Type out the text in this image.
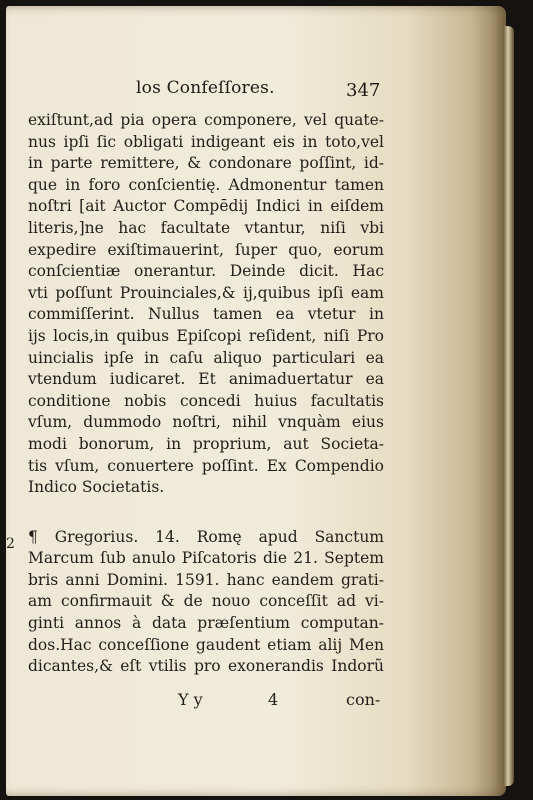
los Confeſſores.	347
2
exiſtunt,ad pia opera componere, vel quate-
nus ipſi ſic obligati indigeant eis in toto,vel
in parte remittere, & condonare poſſint, id-
que in foro conſcientię. Admonentur tamen
noſtri [ait Auctor Compēdij Indici in eiſdem
literis,]ne hac facultate vtantur, niſi vbi
expedire exiſtimauerint, ſuper quo, eorum
conſcientiæ onerantur. Deinde dicit. Hac
vti poſſunt Prouinciales,& ij,quibus ipſi eam
commiſſerint. Nullus tamen ea vtetur in
ijs locis,in quibus Epiſcopi reſident, niſi Pro
uincialis ipſe in caſu aliquo particulari ea
vtendum iudicaret. Et animaduertatur ea
conditione nobis concedi huius facultatis
vſum, dummodo noſtri, nihil vnquàm eius
modi bonorum, in proprium, aut Societa-
tis vſum, conuertere poſſint. Ex Compendio
Indico Societatis.
¶ Gregorius. 14. Romę apud Sanctum
Marcum ſub anulo Piſcatoris die 21. Septem
bris anni Domini. 1591. hanc eandem grati-
am confirmauit & de nouo conceſſit ad vi-
ginti annos à data præſentium computan-
dos.Hac conceſſione gaudent etiam alij Men
dicantes,& eſt vtilis pro exonerandis Indorũ
Y y	4	con-
